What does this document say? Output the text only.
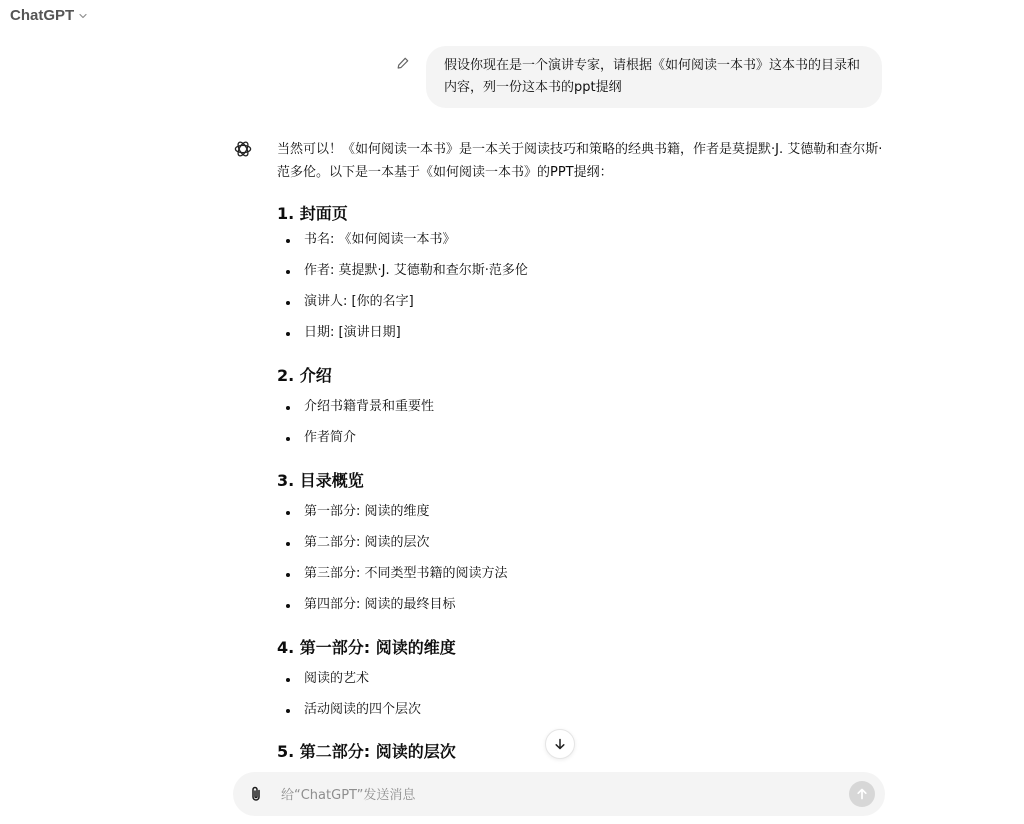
ChatGPT
假设你现在是一个演讲专家，请根据《如何阅读一本书》这本书的目录和内容，列一份这本书的ppt提纲

当然可以！《如何阅读一本书》是一本关于阅读技巧和策略的经典书籍，作者是莫提默·J. 艾德勒和查尔斯·范多伦。以下是一本基于《如何阅读一本书》的PPT提纲：

1. 封面页
书名: 《如何阅读一本书》
作者: 莫提默·J. 艾德勒和查尔斯·范多伦
演讲人: [你的名字]
日期: [演讲日期]
2. 介绍
介绍书籍背景和重要性
作者简介
3. 目录概览
第一部分: 阅读的维度
第二部分: 阅读的层次
第三部分: 不同类型书籍的阅读方法
第四部分: 阅读的最终目标
4. 第一部分: 阅读的维度
阅读的艺术
活动阅读的四个层次
5. 第二部分: 阅读的层次
给“ChatGPT”发送消息
